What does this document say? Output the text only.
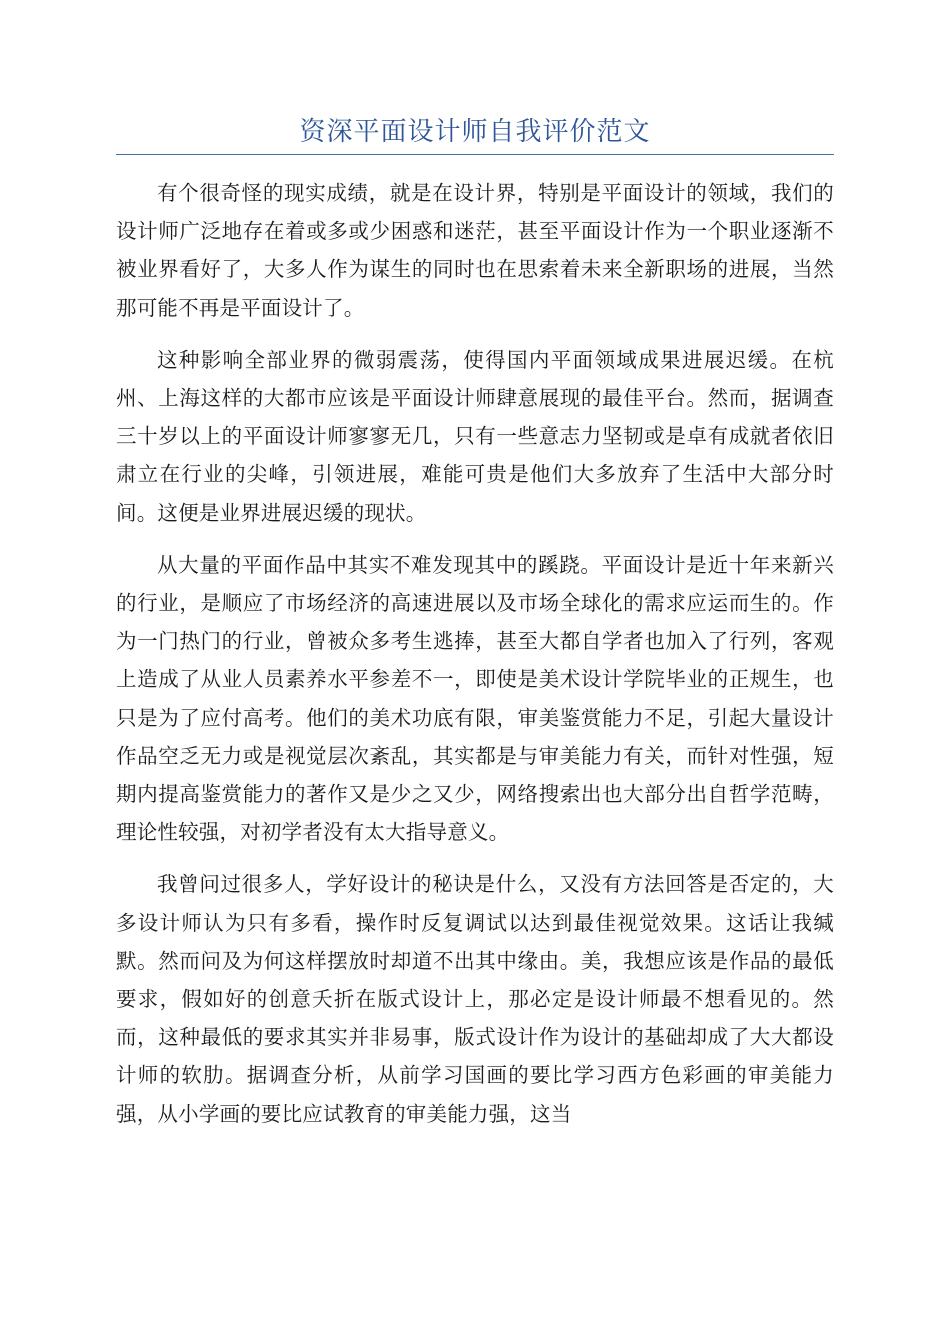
资深平面设计师自我评价范文

有个很奇怪的现实成绩，就是在设计界，特别是平面设计的领域，我们的设计师广泛地存在着或多或少困惑和迷茫，甚至平面设计作为一个职业逐渐不被业界看好了，大多人作为谋生的同时也在思索着未来全新职场的进展，当然那可能不再是平面设计了。

这种影响全部业界的微弱震荡，使得国内平面领域成果进展迟缓。在杭州、上海这样的大都市应该是平面设计师肆意展现的最佳平台。然而，据调查三十岁以上的平面设计师寥寥无几，只有一些意志力坚韧或是卓有成就者依旧肃立在行业的尖峰，引领进展，难能可贵是他们大多放弃了生活中大部分时间。这便是业界进展迟缓的现状。

从大量的平面作品中其实不难发现其中的蹊跷。平面设计是近十年来新兴的行业，是顺应了市场经济的高速进展以及市场全球化的需求应运而生的。作为一门热门的行业，曾被众多考生逃捧，甚至大都自学者也加入了行列，客观上造成了从业人员素养水平参差不一，即使是美术设计学院毕业的正规生，也只是为了应付高考。他们的美术功底有限，审美鉴赏能力不足，引起大量设计作品空乏无力或是视觉层次紊乱，其实都是与审美能力有关，而针对性强，短期内提高鉴赏能力的著作又是少之又少，网络搜索出也大部分出自哲学范畴，理论性较强，对初学者没有太大指导意义。

我曾问过很多人，学好设计的秘诀是什么，又没有方法回答是否定的，大多设计师认为只有多看，操作时反复调试以达到最佳视觉效果。这话让我缄默。然而问及为何这样摆放时却道不出其中缘由。美，我想应该是作品的最低要求，假如好的创意夭折在版式设计上，那必定是设计师最不想看见的。然而，这种最低的要求其实并非易事，版式设计作为设计的基础却成了大大都设计师的软肋。据调查分析，从前学习国画的要比学习西方色彩画的审美能力强，从小学画的要比应试教育的审美能力强，这当
